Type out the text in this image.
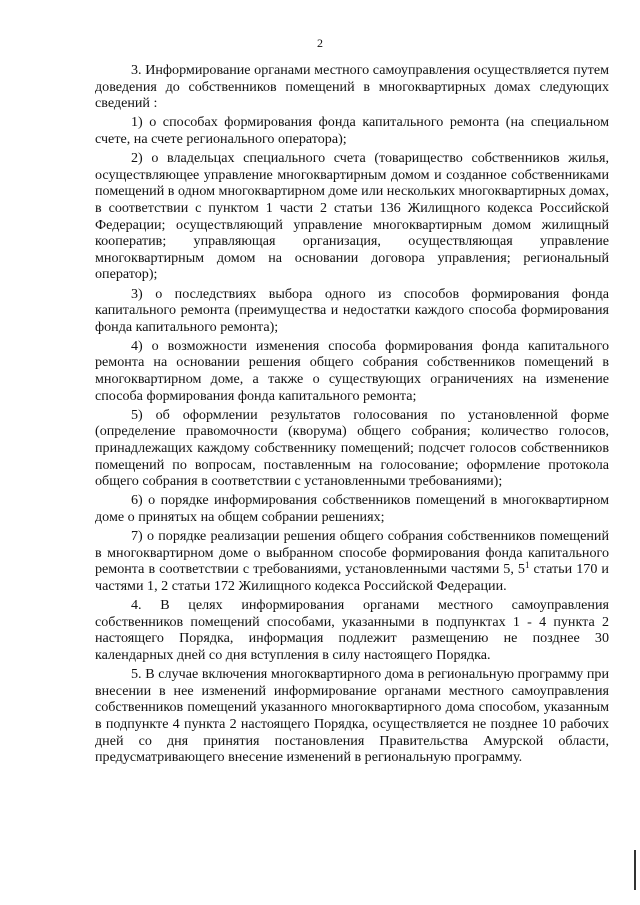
2

3. Информирование органами местного самоуправления осуществляется путем доведения до собственников помещений в многоквартирных домах следующих сведений :

1) о способах формирования фонда капитального ремонта (на специальном счете, на счете регионального оператора);

2) о владельцах специального счета (товарищество собственников жилья, осуществляющее управление многоквартирным домом и созданное собственниками помещений в одном многоквартирном доме или нескольких многоквартирных домах, в соответствии с пунктом 1 части 2 статьи 136 Жилищного кодекса Российской Федерации; осуществляющий управление многоквартирным домом жилищный кооператив; управляющая организация, осуществляющая управление многоквартирным домом на основании договора управления; региональный оператор);

3) о последствиях выбора одного из способов формирования фонда капитального ремонта (преимущества и недостатки каждого способа формирования фонда капитального ремонта);

4) о возможности изменения способа формирования фонда капитального ремонта на основании решения общего собрания собственников помещений в многоквартирном доме, а также о существующих ограничениях на изменение способа формирования фонда капитального ремонта;

5) об оформлении результатов голосования по установленной форме (определение правомочности (кворума) общего собрания; количество голосов, принадлежащих каждому собственнику помещений; подсчет голосов собственников помещений по вопросам, поставленным на голосование; оформление протокола общего собрания в соответствии с установленными требованиями);

6) о порядке информирования собственников помещений в многоквартирном доме о принятых на общем собрании решениях;

7) о порядке реализации решения общего собрания собственников помещений в многоквартирном доме о выбранном способе формирования фонда капитального ремонта в соответствии с требованиями, установленными частями 5, $5^1$ статьи 170 и частями 1, 2 статьи 172 Жилищного кодекса Российской Федерации.

4. В целях информирования органами местного самоуправления собственников помещений способами, указанными в подпунктах 1 - 4 пункта 2 настоящего Порядка, информация подлежит размещению не позднее 30 календарных дней со дня вступления в силу настоящего Порядка.

5. В случае включения многоквартирного дома в региональную программу при внесении в нее изменений информирование органами местного самоуправления собственников помещений указанного многоквартирного дома способом, указанным в подпункте 4 пункта 2 настоящего Порядка, осуществляется не позднее 10 рабочих дней со дня принятия постановления Правительства Амурской области, предусматривающего внесение изменений в региональную программу.
